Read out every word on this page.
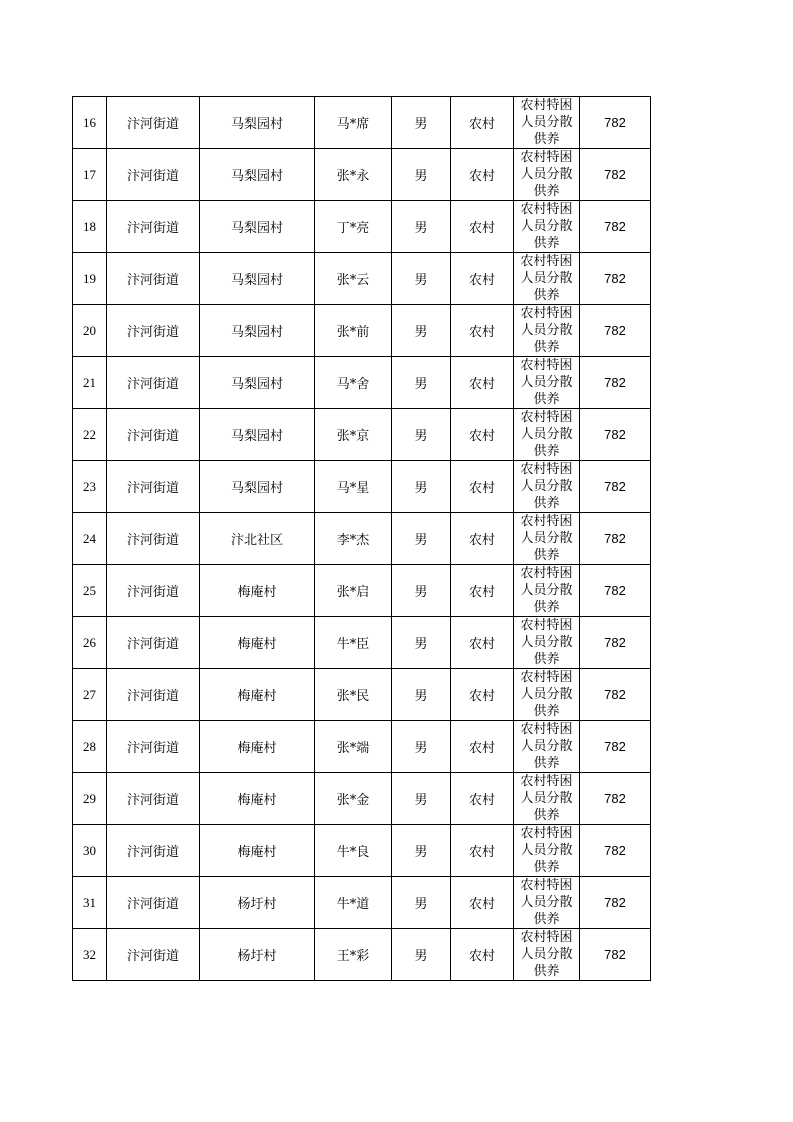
16	汴河街道	马梨园村	马*席	男	农村	农村特困人员分散供养	782
17	汴河街道	马梨园村	张*永	男	农村	农村特困人员分散供养	782
18	汴河街道	马梨园村	丁*亮	男	农村	农村特困人员分散供养	782
19	汴河街道	马梨园村	张*云	男	农村	农村特困人员分散供养	782
20	汴河街道	马梨园村	张*前	男	农村	农村特困人员分散供养	782
21	汴河街道	马梨园村	马*舍	男	农村	农村特困人员分散供养	782
22	汴河街道	马梨园村	张*京	男	农村	农村特困人员分散供养	782
23	汴河街道	马梨园村	马*星	男	农村	农村特困人员分散供养	782
24	汴河街道	汴北社区	李*杰	男	农村	农村特困人员分散供养	782
25	汴河街道	梅庵村	张*启	男	农村	农村特困人员分散供养	782
26	汴河街道	梅庵村	牛*臣	男	农村	农村特困人员分散供养	782
27	汴河街道	梅庵村	张*民	男	农村	农村特困人员分散供养	782
28	汴河街道	梅庵村	张*端	男	农村	农村特困人员分散供养	782
29	汴河街道	梅庵村	张*金	男	农村	农村特困人员分散供养	782
30	汴河街道	梅庵村	牛*良	男	农村	农村特困人员分散供养	782
31	汴河街道	杨圩村	牛*道	男	农村	农村特困人员分散供养	782
32	汴河街道	杨圩村	王*彩	男	农村	农村特困人员分散供养	782
